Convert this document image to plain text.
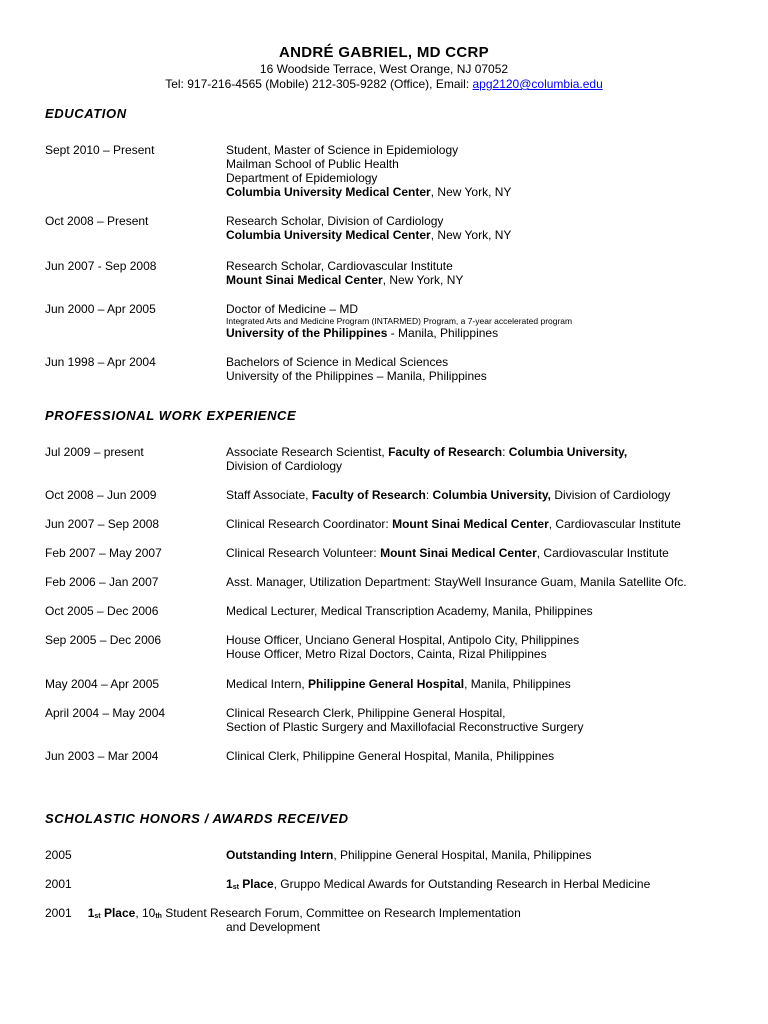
ANDRÉ GABRIEL, MD CCRP
16 Woodside Terrace, West Orange, NJ 07052
Tel: 917-216-4565 (Mobile) 212-305-9282 (Office), Email: apg2120@columbia.edu
EDUCATION
Sept 2010 – Present	Student, Master of Science in Epidemiology
Mailman School of Public Health
Department of Epidemiology
Columbia University Medical Center, New York, NY
Oct 2008 – Present	Research Scholar, Division of Cardiology
Columbia University Medical Center, New York, NY
Jun 2007 - Sep 2008	Research Scholar, Cardiovascular Institute
Mount Sinai Medical Center, New York, NY
Jun 2000 – Apr 2005	Doctor of Medicine – MD
Integrated Arts and Medicine Program (INTARMED) Program, a 7-year accelerated program
University of the Philippines - Manila, Philippines
Jun 1998 – Apr 2004	Bachelors of Science in Medical Sciences
University of the Philippines – Manila, Philippines
PROFESSIONAL WORK EXPERIENCE
Jul 2009 – present	Associate Research Scientist, Faculty of Research: Columbia University,
Division of Cardiology
Oct 2008 – Jun 2009	Staff Associate, Faculty of Research: Columbia University, Division of Cardiology
Jun 2007 – Sep 2008	Clinical Research Coordinator: Mount Sinai Medical Center, Cardiovascular Institute
Feb 2007 – May 2007	Clinical Research Volunteer: Mount Sinai Medical Center, Cardiovascular Institute
Feb 2006 – Jan 2007	Asst. Manager, Utilization Department: StayWell Insurance Guam, Manila Satellite Ofc.
Oct 2005 – Dec 2006	Medical Lecturer, Medical Transcription Academy, Manila, Philippines
Sep 2005 – Dec 2006	House Officer, Unciano General Hospital, Antipolo City, Philippines
House Officer, Metro Rizal Doctors, Cainta, Rizal Philippines
May 2004 – Apr 2005	Medical Intern, Philippine General Hospital, Manila, Philippines
April 2004 – May 2004	Clinical Research Clerk, Philippine General Hospital,
Section of Plastic Surgery and Maxillofacial Reconstructive Surgery
Jun 2003 – Mar 2004	Clinical Clerk, Philippine General Hospital, Manila, Philippines
SCHOLASTIC HONORS / AWARDS RECEIVED
2005	Outstanding Intern, Philippine General Hospital, Manila, Philippines
2001	1st Place, Gruppo Medical Awards for Outstanding Research in Herbal Medicine
2001 1st Place, 10th Student Research Forum, Committee on Research Implementation
and Development
